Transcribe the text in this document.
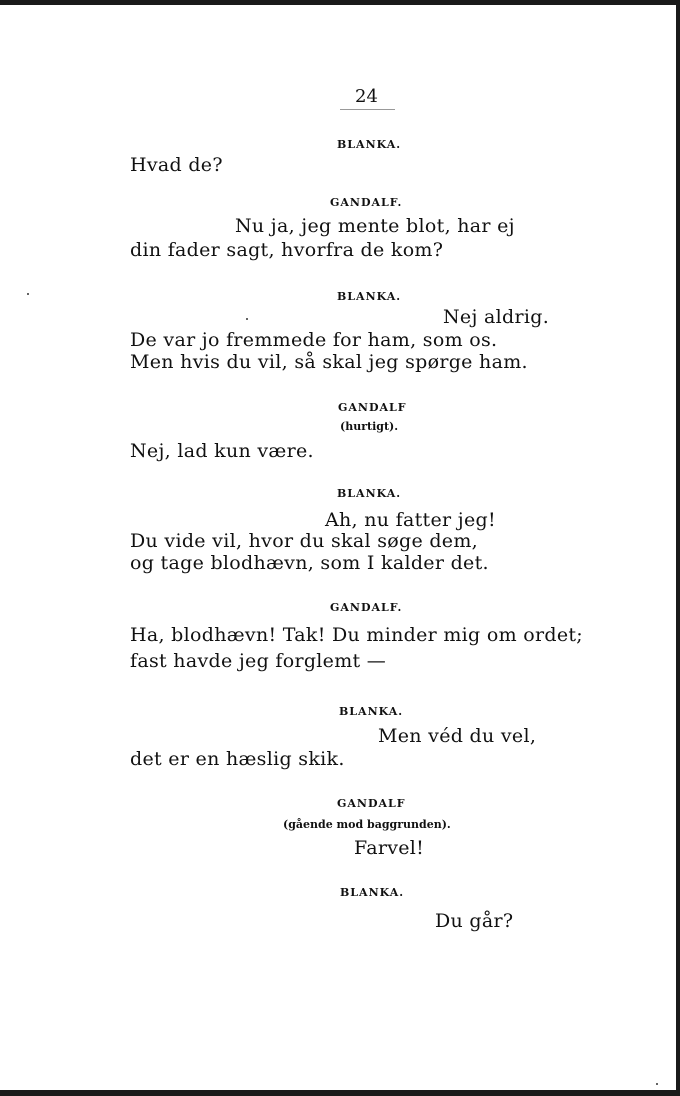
24
BLANKA.
Hvad de?
GANDALF.
Nu ja, jeg mente blot, har ej
din fader sagt, hvorfra de kom?
BLANKA.
Nej aldrig.
De var jo fremmede for ham, som os.
Men hvis du vil, så skal jeg spørge ham.
GANDALF
(hurtigt).
Nej, lad kun være.
BLANKA.
Ah, nu fatter jeg!
Du vide vil, hvor du skal søge dem,
og tage blodhævn, som I kalder det.
GANDALF.
Ha, blodhævn! Tak! Du minder mig om ordet;
fast havde jeg forglemt —
BLANKA.
Men véd du vel,
det er en hæslig skik.
GANDALF
(gående mod baggrunden).
Farvel!
BLANKA.
Du går?
